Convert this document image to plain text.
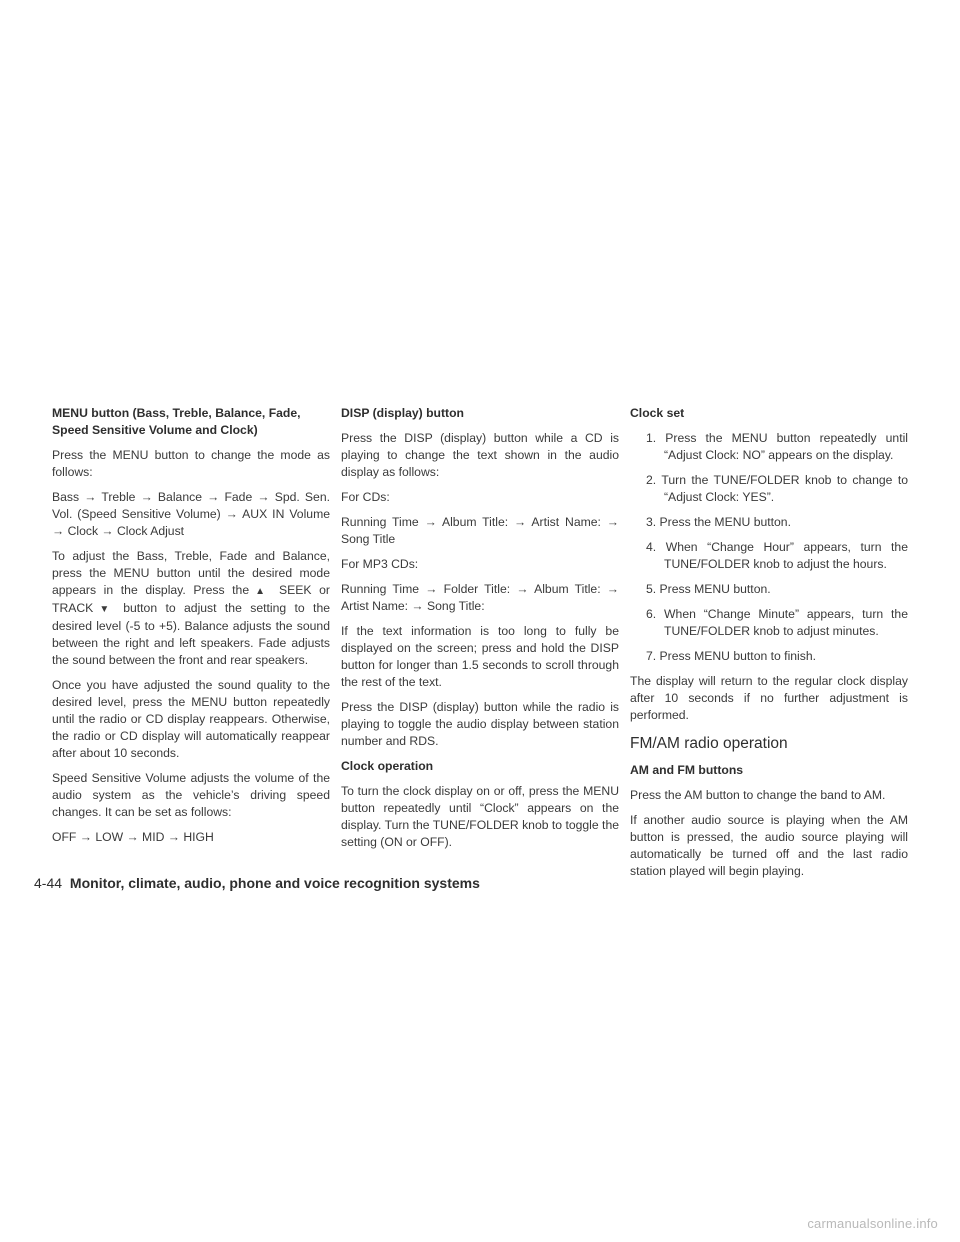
MENU button (Bass, Treble, Balance, Fade, Speed Sensitive Volume and Clock)

Press the MENU button to change the mode as follows:

Bass → Treble → Balance → Fade → Spd. Sen. Vol. (Speed Sensitive Volume) → AUX IN Volume → Clock → Clock Adjust

To adjust the Bass, Treble, Fade and Balance, press the MENU button until the desired mode appears in the display. Press the ▲ SEEK or TRACK ▼ button to adjust the setting to the desired level (-5 to +5). Balance adjusts the sound between the right and left speakers. Fade adjusts the sound between the front and rear speakers.

Once you have adjusted the sound quality to the desired level, press the MENU button repeatedly until the radio or CD display reappears. Otherwise, the radio or CD display will automatically reappear after about 10 seconds.

Speed Sensitive Volume adjusts the volume of the audio system as the vehicle’s driving speed changes. It can be set as follows:

OFF → LOW → MID → HIGH

DISP (display) button

Press the DISP (display) button while a CD is playing to change the text shown in the audio display as follows:

For CDs:

Running Time → Album Title: → Artist Name: → Song Title

For MP3 CDs:

Running Time → Folder Title: → Album Title: → Artist Name: → Song Title:

If the text information is too long to fully be displayed on the screen; press and hold the DISP button for longer than 1.5 seconds to scroll through the rest of the text.

Press the DISP (display) button while the radio is playing to toggle the audio display between station number and RDS.

Clock operation

To turn the clock display on or off, press the MENU button repeatedly until “Clock” appears on the display. Turn the TUNE/FOLDER knob to toggle the setting (ON or OFF).

Clock set
1. Press the MENU button repeatedly until “Adjust Clock: NO” appears on the display.
2. Turn the TUNE/FOLDER knob to change to “Adjust Clock: YES”.
3. Press the MENU button.
4. When “Change Hour” appears, turn the TUNE/FOLDER knob to adjust the hours.
5. Press MENU button.
6. When “Change Minute” appears, turn the TUNE/FOLDER knob to adjust minutes.
7. Press MENU button to finish.

The display will return to the regular clock display after 10 seconds if no further adjustment is performed.

FM/AM radio operation
AM and FM buttons

Press the AM button to change the band to AM.

If another audio source is playing when the AM button is pressed, the audio source playing will automatically be turned off and the last radio station played will begin playing.

4-44 Monitor, climate, audio, phone and voice recognition systems
carmanualsonline.info
